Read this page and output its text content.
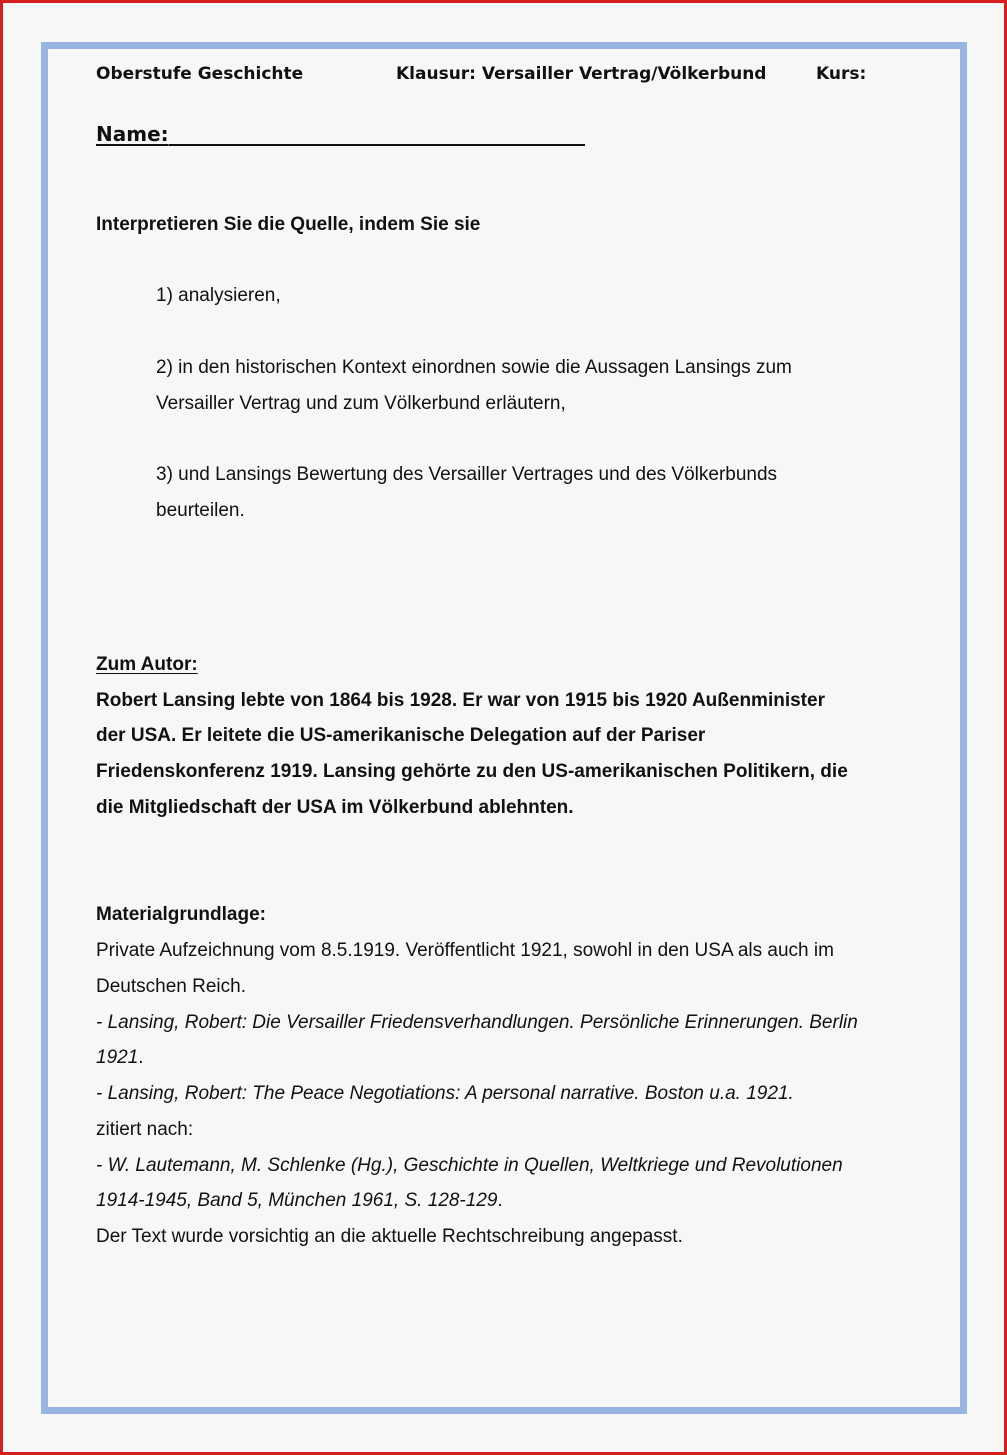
Oberstufe Geschichte	Klausur: Versailler Vertrag/Völkerbund	Kurs:
Name:
Interpretieren Sie die Quelle, indem Sie sie
1) analysieren,
2) in den historischen Kontext einordnen sowie die Aussagen Lansings zum
Versailler Vertrag und zum Völkerbund erläutern,
3) und Lansings Bewertung des Versailler Vertrages und des Völkerbunds
beurteilen.
Zum Autor:
Robert Lansing lebte von 1864 bis 1928. Er war von 1915 bis 1920 Außenminister
der USA. Er leitete die US-amerikanische Delegation auf der Pariser
Friedenskonferenz 1919. Lansing gehörte zu den US-amerikanischen Politikern, die
die Mitgliedschaft der USA im Völkerbund ablehnten.
Materialgrundlage:
Private Aufzeichnung vom 8.5.1919. Veröffentlicht 1921, sowohl in den USA als auch im
Deutschen Reich.
- Lansing, Robert: Die Versailler Friedensverhandlungen. Persönliche Erinnerungen. Berlin
1921.
- Lansing, Robert: The Peace Negotiations: A personal narrative. Boston u.a. 1921.
zitiert nach:
- W. Lautemann, M. Schlenke (Hg.), Geschichte in Quellen, Weltkriege und Revolutionen
1914-1945, Band 5, München 1961, S. 128-129.
Der Text wurde vorsichtig an die aktuelle Rechtschreibung angepasst.
